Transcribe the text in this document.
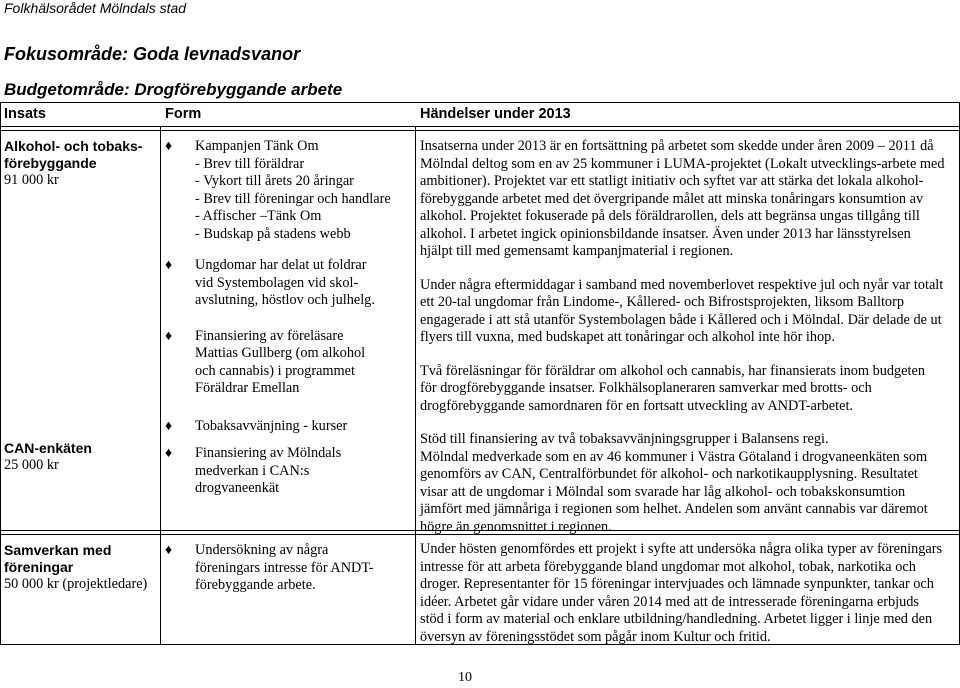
Folkhälsorådet Mölndals stad
Fokusområde: Goda levnadsvanor
Budgetområde: Drogförebyggande arbete
Insats	Form	Händelser under 2013
Alkohol- och tobaks-
förebyggande
91 000 kr
CAN-enkäten
25 000 kr
Samverkan med
föreningar
50 000 kr (projektledare)
♦ Kampanjen Tänk Om
- Brev till föräldrar
- Vykort till årets 20 åringar
- Brev till föreningar och handlare
- Affischer –Tänk Om
- Budskap på stadens webb
♦ Ungdomar har delat ut foldrar
vid Systembolagen vid skol-
avslutning, höstlov och julhelg.
♦ Finansiering av föreläsare
Mattias Gullberg (om alkohol
och cannabis) i programmet
Föräldrar Emellan
♦ Tobaksavvänjning - kurser
♦ Finansiering av Mölndals
medverkan i CAN:s
drogvaneenkät
♦ Undersökning av några
föreningars intresse för ANDT-
förebyggande arbete.

Insatserna under 2013 är en fortsättning på arbetet som skedde under åren 2009 – 2011 då
Mölndal deltog som en av 25 kommuner i LUMA-projektet (Lokalt utvecklings-arbete med
ambitioner). Projektet var ett statligt initiativ och syftet var att stärka det lokala alkohol-
förebyggande arbetet med det övergripande målet att minska tonåringars konsumtion av
alkohol. Projektet fokuserade på dels föräldrarollen, dels att begränsa ungas tillgång till
alkohol. I arbetet ingick opinionsbildande insatser. Även under 2013 har länsstyrelsen
hjälpt till med gemensamt kampanjmaterial i regionen.

Under några eftermiddagar i samband med novemberlovet respektive jul och nyår var totalt
ett 20-tal ungdomar från Lindome-, Kållered- och Bifrostsprojekten, liksom Balltorp
engagerade i att stå utanför Systembolagen både i Kållered och i Mölndal. Där delade de ut
flyers till vuxna, med budskapet att tonåringar och alkohol inte hör ihop.

Två föreläsningar för föräldrar om alkohol och cannabis, har finansierats inom budgeten
för drogförebyggande insatser. Folkhälsoplaneraren samverkar med brotts- och
drogförebyggande samordnaren för en fortsatt utveckling av ANDT-arbetet.

Stöd till finansiering av två tobaksavvänjningsgrupper i Balansens regi.

Mölndal medverkade som en av 46 kommuner i Västra Götaland i drogvaneenkäten som
genomförs av CAN, Centralförbundet för alkohol- och narkotikaupplysning. Resultatet
visar att de ungdomar i Mölndal som svarade har låg alkohol- och tobakskonsumtion
jämfört med jämnåriga i regionen som helhet. Andelen som använt cannabis var däremot
högre än genomsnittet i regionen.

Under hösten genomfördes ett projekt i syfte att undersöka några olika typer av föreningars
intresse för att arbeta förebyggande bland ungdomar mot alkohol, tobak, narkotika och
droger. Representanter för 15 föreningar intervjuades och lämnade synpunkter, tankar och
idéer. Arbetet går vidare under våren 2014 med att de intresserade föreningarna erbjuds
stöd i form av material och enklare utbildning/handledning. Arbetet ligger i linje med den
översyn av föreningsstödet som pågår inom Kultur och fritid.

10
